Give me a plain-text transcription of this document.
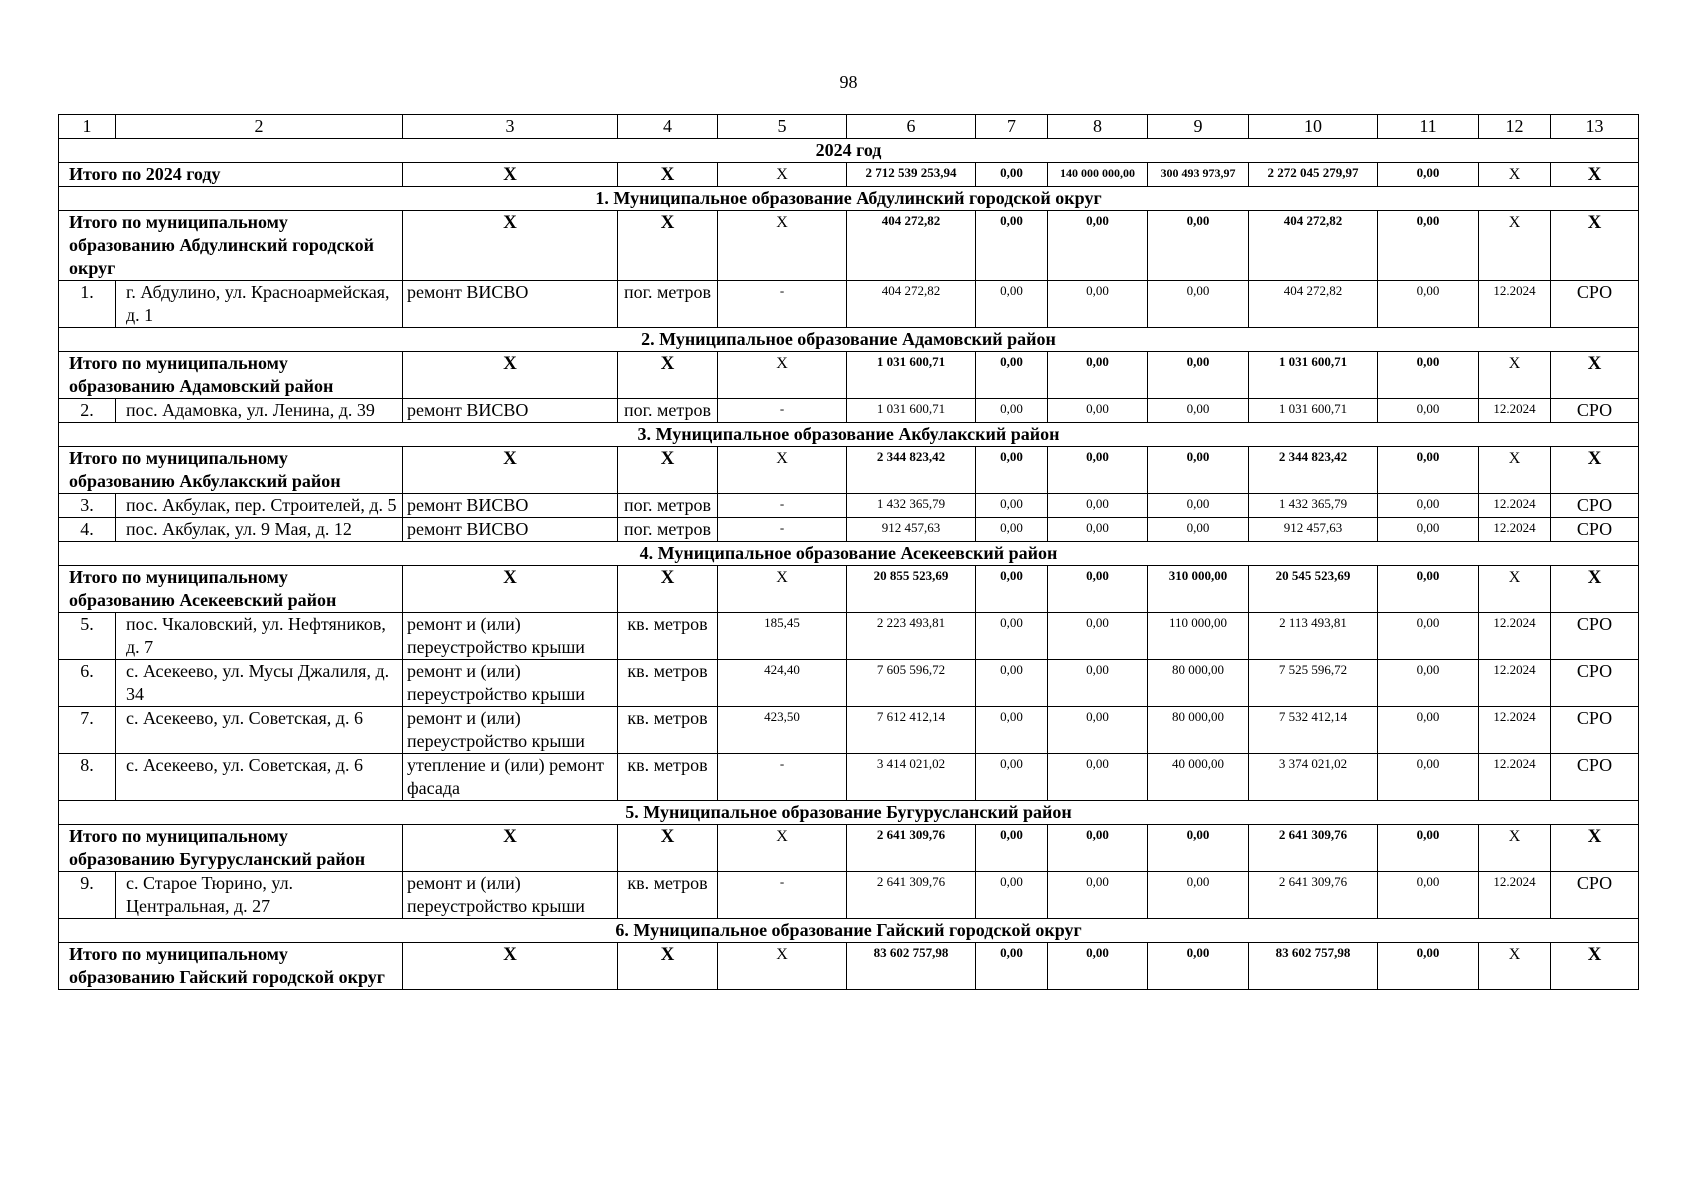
98
1	2	3	4	5	6	7	8	9	10	11	12	13
2024 год												
Итого по 2024 году		Х	Х	Х	2 712 539 253,94	0,00	140 000 000,00	300 493 973,97	2 272 045 279,97	0,00	Х	Х
1. Муниципальное образование Абдулинский городской округ												
Итого по муниципальному образованию Абдулинский городской округ		Х	Х	Х	404 272,82	0,00	0,00	0,00	404 272,82	0,00	Х	Х
1.	г. Абдулино, ул. Красноармейская, д. 1	ремонт ВИСВО	пог. метров	-	404 272,82	0,00	0,00	0,00	404 272,82	0,00	12.2024	СРО
2. Муниципальное образование Адамовский район												
Итого по муниципальному образованию Адамовский район		Х	Х	Х	1 031 600,71	0,00	0,00	0,00	1 031 600,71	0,00	Х	Х
2.	пос. Адамовка, ул. Ленина, д. 39	ремонт ВИСВО	пог. метров	-	1 031 600,71	0,00	0,00	0,00	1 031 600,71	0,00	12.2024	СРО
3. Муниципальное образование Акбулакский район												
Итого по муниципальному образованию Акбулакский район		Х	Х	Х	2 344 823,42	0,00	0,00	0,00	2 344 823,42	0,00	Х	Х
3.	пос. Акбулак, пер. Строителей, д. 5	ремонт ВИСВО	пог. метров	-	1 432 365,79	0,00	0,00	0,00	1 432 365,79	0,00	12.2024	СРО
4.	пос. Акбулак, ул. 9 Мая, д. 12	ремонт ВИСВО	пог. метров	-	912 457,63	0,00	0,00	0,00	912 457,63	0,00	12.2024	СРО
4. Муниципальное образование Асекеевский район												
Итого по муниципальному образованию Асекеевский район		Х	Х	Х	20 855 523,69	0,00	0,00	310 000,00	20 545 523,69	0,00	Х	Х
5.	пос. Чкаловский, ул. Нефтяников, д. 7	ремонт и (или) переустройство крыши	кв. метров	185,45	2 223 493,81	0,00	0,00	110 000,00	2 113 493,81	0,00	12.2024	СРО
6.	с. Асекеево, ул. Мусы Джалиля, д. 34	ремонт и (или) переустройство крыши	кв. метров	424,40	7 605 596,72	0,00	0,00	80 000,00	7 525 596,72	0,00	12.2024	СРО
7.	с. Асекеево, ул. Советская, д. 6	ремонт и (или) переустройство крыши	кв. метров	423,50	7 612 412,14	0,00	0,00	80 000,00	7 532 412,14	0,00	12.2024	СРО
8.	с. Асекеево, ул. Советская, д. 6	утепление и (или) ремонт фасада	кв. метров	-	3 414 021,02	0,00	0,00	40 000,00	3 374 021,02	0,00	12.2024	СРО
5. Муниципальное образование Бугурусланский район												
Итого по муниципальному образованию Бугурусланский район		Х	Х	Х	2 641 309,76	0,00	0,00	0,00	2 641 309,76	0,00	Х	Х
9.	с. Старое Тюрино, ул. Центральная, д. 27	ремонт и (или) переустройство крыши	кв. метров	-	2 641 309,76	0,00	0,00	0,00	2 641 309,76	0,00	12.2024	СРО
6. Муниципальное образование Гайский городской округ												
Итого по муниципальному образованию Гайский городской округ		Х	Х	Х	83 602 757,98	0,00	0,00	0,00	83 602 757,98	0,00	Х	Х
